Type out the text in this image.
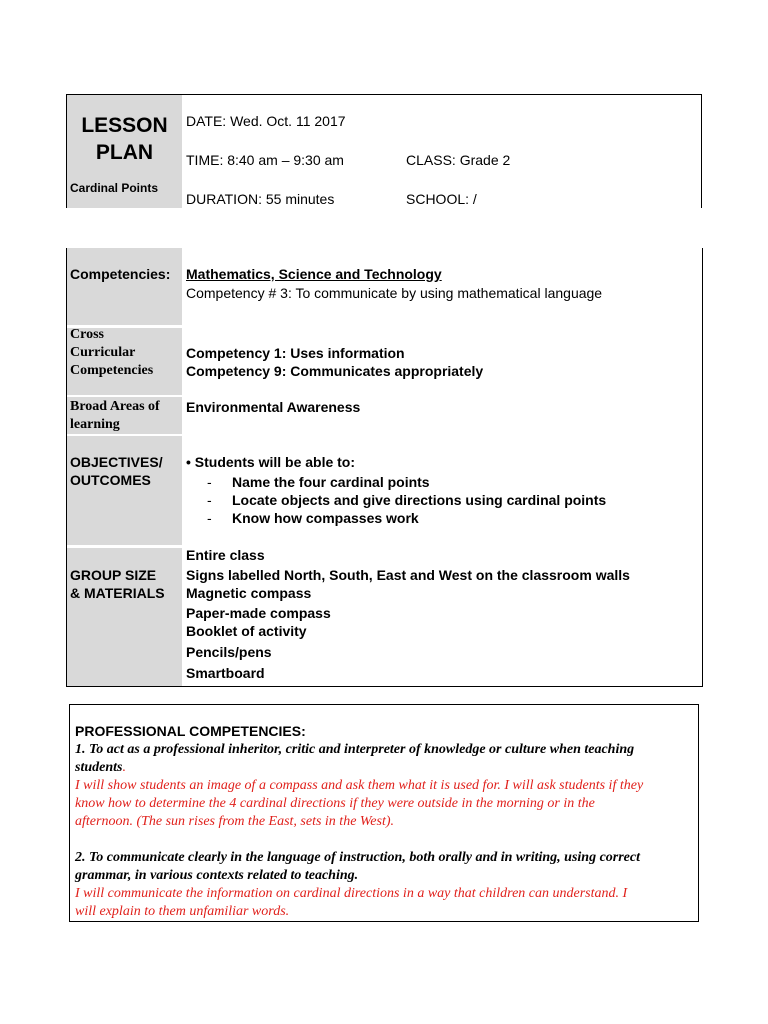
LESSON
PLAN
Cardinal Points
DATE: Wed. Oct. 11 2017
TIME: 8:40 am – 9:30 am	CLASS: Grade 2
DURATION: 55 minutes	SCHOOL: /
Competencies: Mathematics, Science and Technology
Competency # 3: To communicate by using mathematical language
Cross
Curricular
Competencies
Competency 1: Uses information
Competency 9: Communicates appropriately
Broad Areas of
learning
Environmental Awareness
OBJECTIVES/
OUTCOMES
• Students will be able to:
- Name the four cardinal points
- Locate objects and give directions using cardinal points
- Know how compasses work
GROUP SIZE
& MATERIALS
Entire class
Signs labelled North, South, East and West on the classroom walls
Magnetic compass
Paper-made compass
Booklet of activity
Pencils/pens
Smartboard
PROFESSIONAL COMPETENCIES:
1. To act as a professional inheritor, critic and interpreter of knowledge or culture when teaching
students.
I will show students an image of a compass and ask them what it is used for. I will ask students if they
know how to determine the 4 cardinal directions if they were outside in the morning or in the
afternoon. (The sun rises from the East, sets in the West).
2. To communicate clearly in the language of instruction, both orally and in writing, using correct
grammar, in various contexts related to teaching.
I will communicate the information on cardinal directions in a way that children can understand. I
will explain to them unfamiliar words.
